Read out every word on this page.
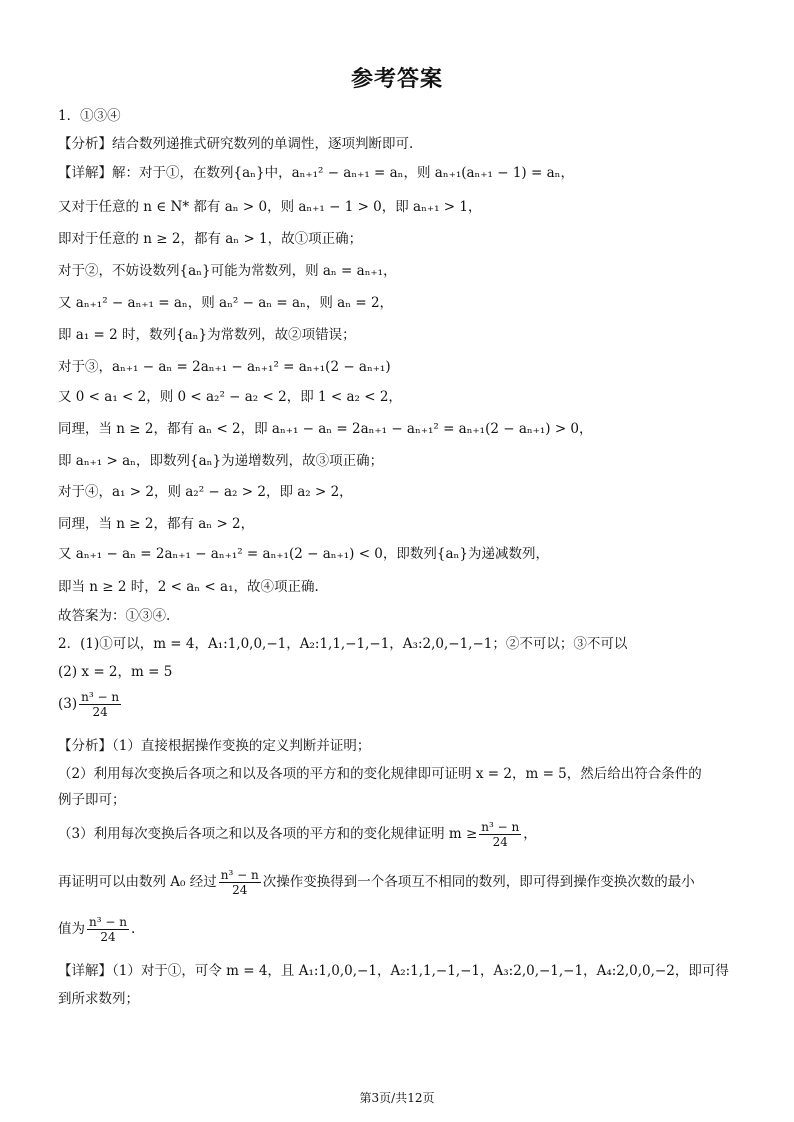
参考答案
1．①③④
【分析】结合数列递推式研究数列的单调性，逐项判断即可.
【详解】解：对于①，在数列{aₙ}中，aₙ₊₁² − aₙ₊₁ = aₙ，则 aₙ₊₁(aₙ₊₁ − 1) = aₙ，
又对于任意的 n ∈ N* 都有 aₙ > 0，则 aₙ₊₁ − 1 > 0，即 aₙ₊₁ > 1，
即对于任意的 n ≥ 2，都有 aₙ > 1，故①项正确；
对于②，不妨设数列{aₙ}可能为常数列，则 aₙ = aₙ₊₁，
又 aₙ₊₁² − aₙ₊₁ = aₙ，则 aₙ² − aₙ = aₙ，则 aₙ = 2，
即 a₁ = 2 时，数列{aₙ}为常数列，故②项错误；
对于③，aₙ₊₁ − aₙ = 2aₙ₊₁ − aₙ₊₁² = aₙ₊₁(2 − aₙ₊₁)
又 0 < a₁ < 2，则 0 < a₂² − a₂ < 2，即 1 < a₂ < 2，
同理，当 n ≥ 2，都有 aₙ < 2，即 aₙ₊₁ − aₙ = 2aₙ₊₁ − aₙ₊₁² = aₙ₊₁(2 − aₙ₊₁) > 0，
即 aₙ₊₁ > aₙ，即数列{aₙ}为递增数列，故③项正确；
对于④，a₁ > 2，则 a₂² − a₂ > 2，即 a₂ > 2，
同理，当 n ≥ 2，都有 aₙ > 2，
又 aₙ₊₁ − aₙ = 2aₙ₊₁ − aₙ₊₁² = aₙ₊₁(2 − aₙ₊₁) < 0，即数列{aₙ}为递减数列，
即当 n ≥ 2 时，2 < aₙ < a₁，故④项正确.
故答案为：①③④.
2．(1)①可以，m = 4，A₁:1,0,0,−1，A₂:1,1,−1,−1，A₃:2,0,−1,−1；②不可以；③不可以
(2) x = 2，m = 5
$(3) \frac{\text{n³ − n}}{24}$
【分析】（1）直接根据操作变换的定义判断并证明；
（2）利用每次变换后各项之和以及各项的平方和的变化规律即可证明 x = 2，m = 5，然后给出符合条件的
例子即可；
（3）利用每次变换后各项之和以及各项的平方和的变化规律证明 $m \ge \frac{\text{n³ − n}}{24}$ ，
再证明可以由数列 A₀ 经过 $\frac{\text{n³ − n}}{24}$ 次操作变换得到一个各项互不相同的数列，即可得到操作变换次数的最小
值为 $\frac{\text{n³ − n}}{24}$ .
【详解】（1）对于①，可令 m = 4，且 A₁:1,0,0,−1，A₂:1,1,−1,−1，A₃:2,0,−1,−1，A₄:2,0,0,−2，即可得
到所求数列；
第3页/共12页
